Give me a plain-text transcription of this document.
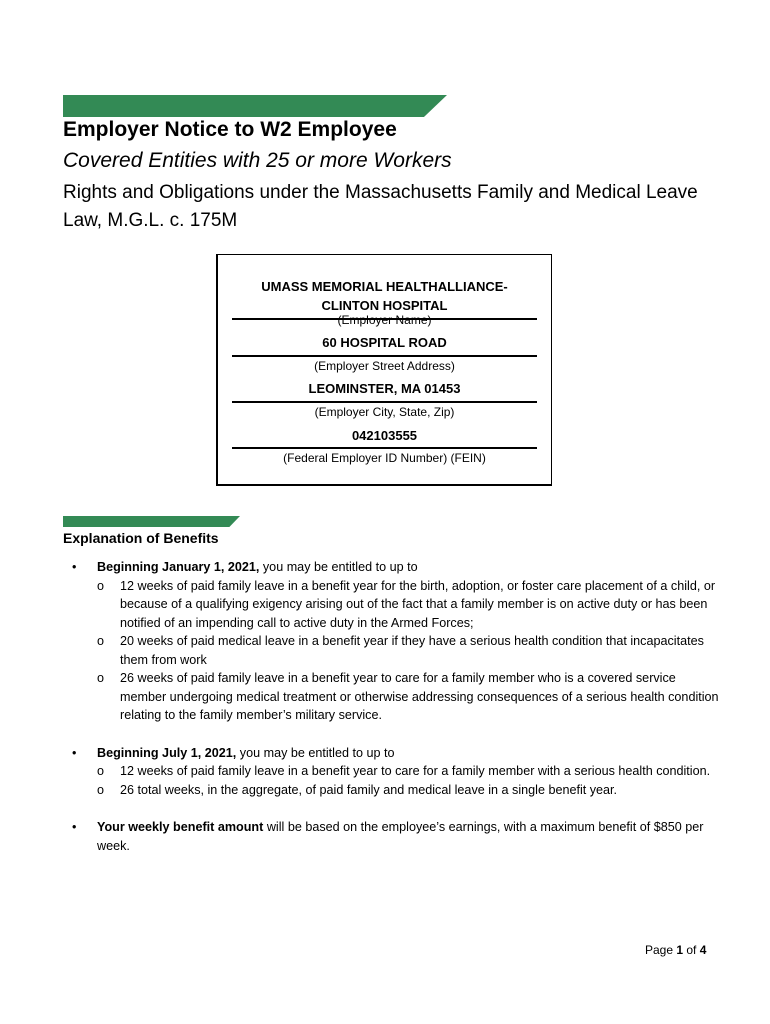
Employer Notice to W2 Employee
Covered Entities with 25 or more Workers
Rights and Obligations under the Massachusetts Family and Medical Leave Law, M.G.L. c. 175M
UMASS MEMORIAL HEALTHALLIANCE-
CLINTON HOSPITAL
(Employer Name)
60 HOSPITAL ROAD
(Employer Street Address)
LEOMINSTER, MA 01453
(Employer City, State, Zip)
042103555
(Federal Employer ID Number) (FEIN)
Explanation of Benefits
• Beginning January 1, 2021, you may be entitled to up to
o 12 weeks of paid family leave in a benefit year for the birth, adoption, or foster care placement of a child, or because of a qualifying exigency arising out of the fact that a family member is on active duty or has been notified of an impending call to active duty in the Armed Forces;
o 20 weeks of paid medical leave in a benefit year if they have a serious health condition that incapacitates them from work
o 26 weeks of paid family leave in a benefit year to care for a family member who is a covered service member undergoing medical treatment or otherwise addressing consequences of a serious health condition relating to the family member’s military service.
• Beginning July 1, 2021, you may be entitled to up to
o 12 weeks of paid family leave in a benefit year to care for a family member with a serious health condition.
o 26 total weeks, in the aggregate, of paid family and medical leave in a single benefit year.
• Your weekly benefit amount will be based on the employee’s earnings, with a maximum benefit of $850 per week.
Page 1 of 4
